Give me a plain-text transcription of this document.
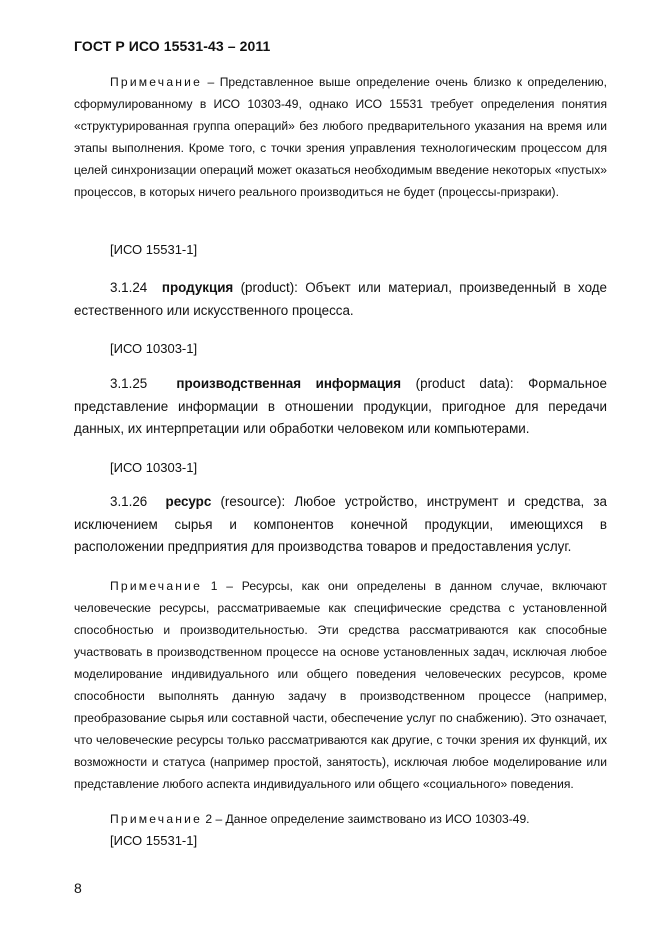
ГОСТ Р ИСО 15531-43 – 2011
Примечание – Представленное выше определение очень близко к определению, сформулированному в ИСО 10303-49, однако ИСО 15531 требует определения понятия «структурированная группа операций» без любого предварительного указания на время или этапы выполнения. Кроме того, с точки зрения управления технологическим процессом для целей синхронизации операций может оказаться необходимым введение некоторых «пустых» процессов, в которых ничего реального производиться не будет (процессы-призраки).
[ИСО 15531-1]
3.1.24 продукция (product): Объект или материал, произведенный в ходе естественного или искусственного процесса.
[ИСО 10303-1]
3.1.25 производственная информация (product data): Формальное представление информации в отношении продукции, пригодное для передачи данных, их интерпретации или обработки человеком или компьютерами.
[ИСО 10303-1]
3.1.26 ресурс (resource): Любое устройство, инструмент и средства, за исключением сырья и компонентов конечной продукции, имеющихся в расположении предприятия для производства товаров и предоставления услуг.
Примечание 1 – Ресурсы, как они определены в данном случае, включают человеческие ресурсы, рассматриваемые как специфические средства с установленной способностью и производительностью. Эти средства рассматриваются как способные участвовать в производственном процессе на основе установленных задач, исключая любое моделирование индивидуального или общего поведения человеческих ресурсов, кроме способности выполнять данную задачу в производственном процессе (например, преобразование сырья или составной части, обеспечение услуг по снабжению). Это означает, что человеческие ресурсы только рассматриваются как другие, с точки зрения их функций, их возможности и статуса (например простой, занятость), исключая любое моделирование или представление любого аспекта индивидуального или общего «социального» поведения.
Примечание 2 – Данное определение заимствовано из ИСО 10303-49.
[ИСО 15531-1]
8
